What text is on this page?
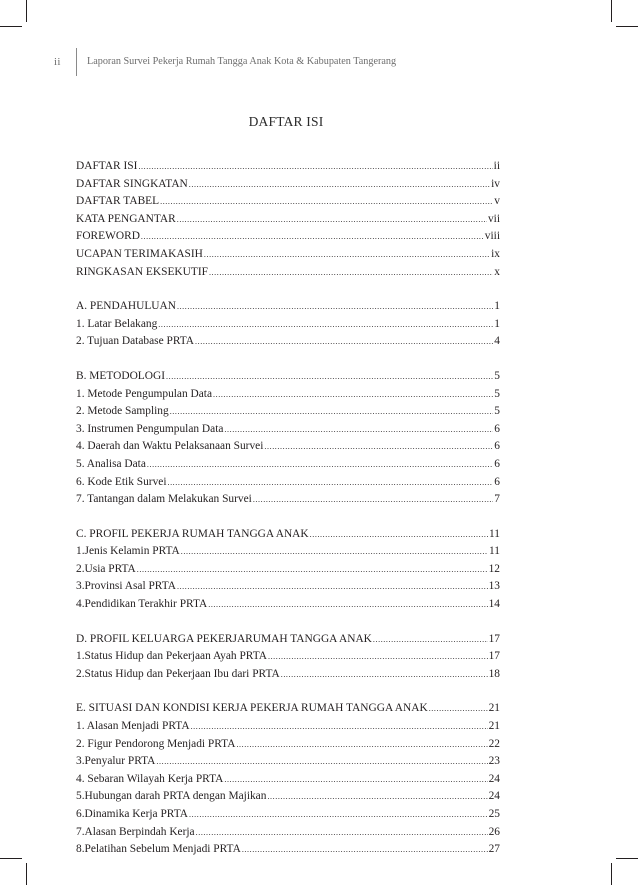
ii	Laporan Survei Pekerja Rumah Tangga Anak Kota & Kabupaten Tangerang
DAFTAR ISI
DAFTAR ISI .....	ii
DAFTAR SINGKATAN .....	iv
DAFTAR TABEL .....	v
KATA PENGANTAR .....	vii
FOREWORD .....	viii
UCAPAN TERIMAKASIH .....	ix
RINGKASAN EKSEKUTIF .....	x
A. PENDAHULUAN .....	1
1. Latar Belakang .....	1
2. Tujuan Database PRTA .....	4
B. METODOLOGI .....	5
1. Metode Pengumpulan Data .....	5
2. Metode Sampling .....	5
3. Instrumen Pengumpulan Data .....	6
4. Daerah dan Waktu Pelaksanaan Survei .....	6
5. Analisa Data .....	6
6. Kode Etik Survei .....	6
7. Tantangan dalam Melakukan Survei .....	7
C. PROFIL PEKERJA RUMAH TANGGA ANAK .....	11
1.Jenis Kelamin PRTA .....	11
2.Usia PRTA .....	12
3.Provinsi Asal PRTA .....	13
4.Pendidikan Terakhir PRTA .....	14
D. PROFIL KELUARGA PEKERJARUMAH TANGGA ANAK .....	17
1.Status Hidup dan Pekerjaan Ayah PRTA .....	17
2.Status Hidup dan Pekerjaan Ibu dari PRTA .....	18
E. SITUASI DAN KONDISI KERJA PEKERJA RUMAH TANGGA ANAK .....	21
1. Alasan Menjadi PRTA .....	21
2. Figur Pendorong Menjadi PRTA .....	22
3.Penyalur PRTA .....	23
4. Sebaran Wilayah Kerja PRTA .....	24
5.Hubungan darah PRTA dengan Majikan .....	24
6.Dinamika Kerja PRTA .....	25
7.Alasan Berpindah Kerja .....	26
8.Pelatihan Sebelum Menjadi PRTA .....	27
